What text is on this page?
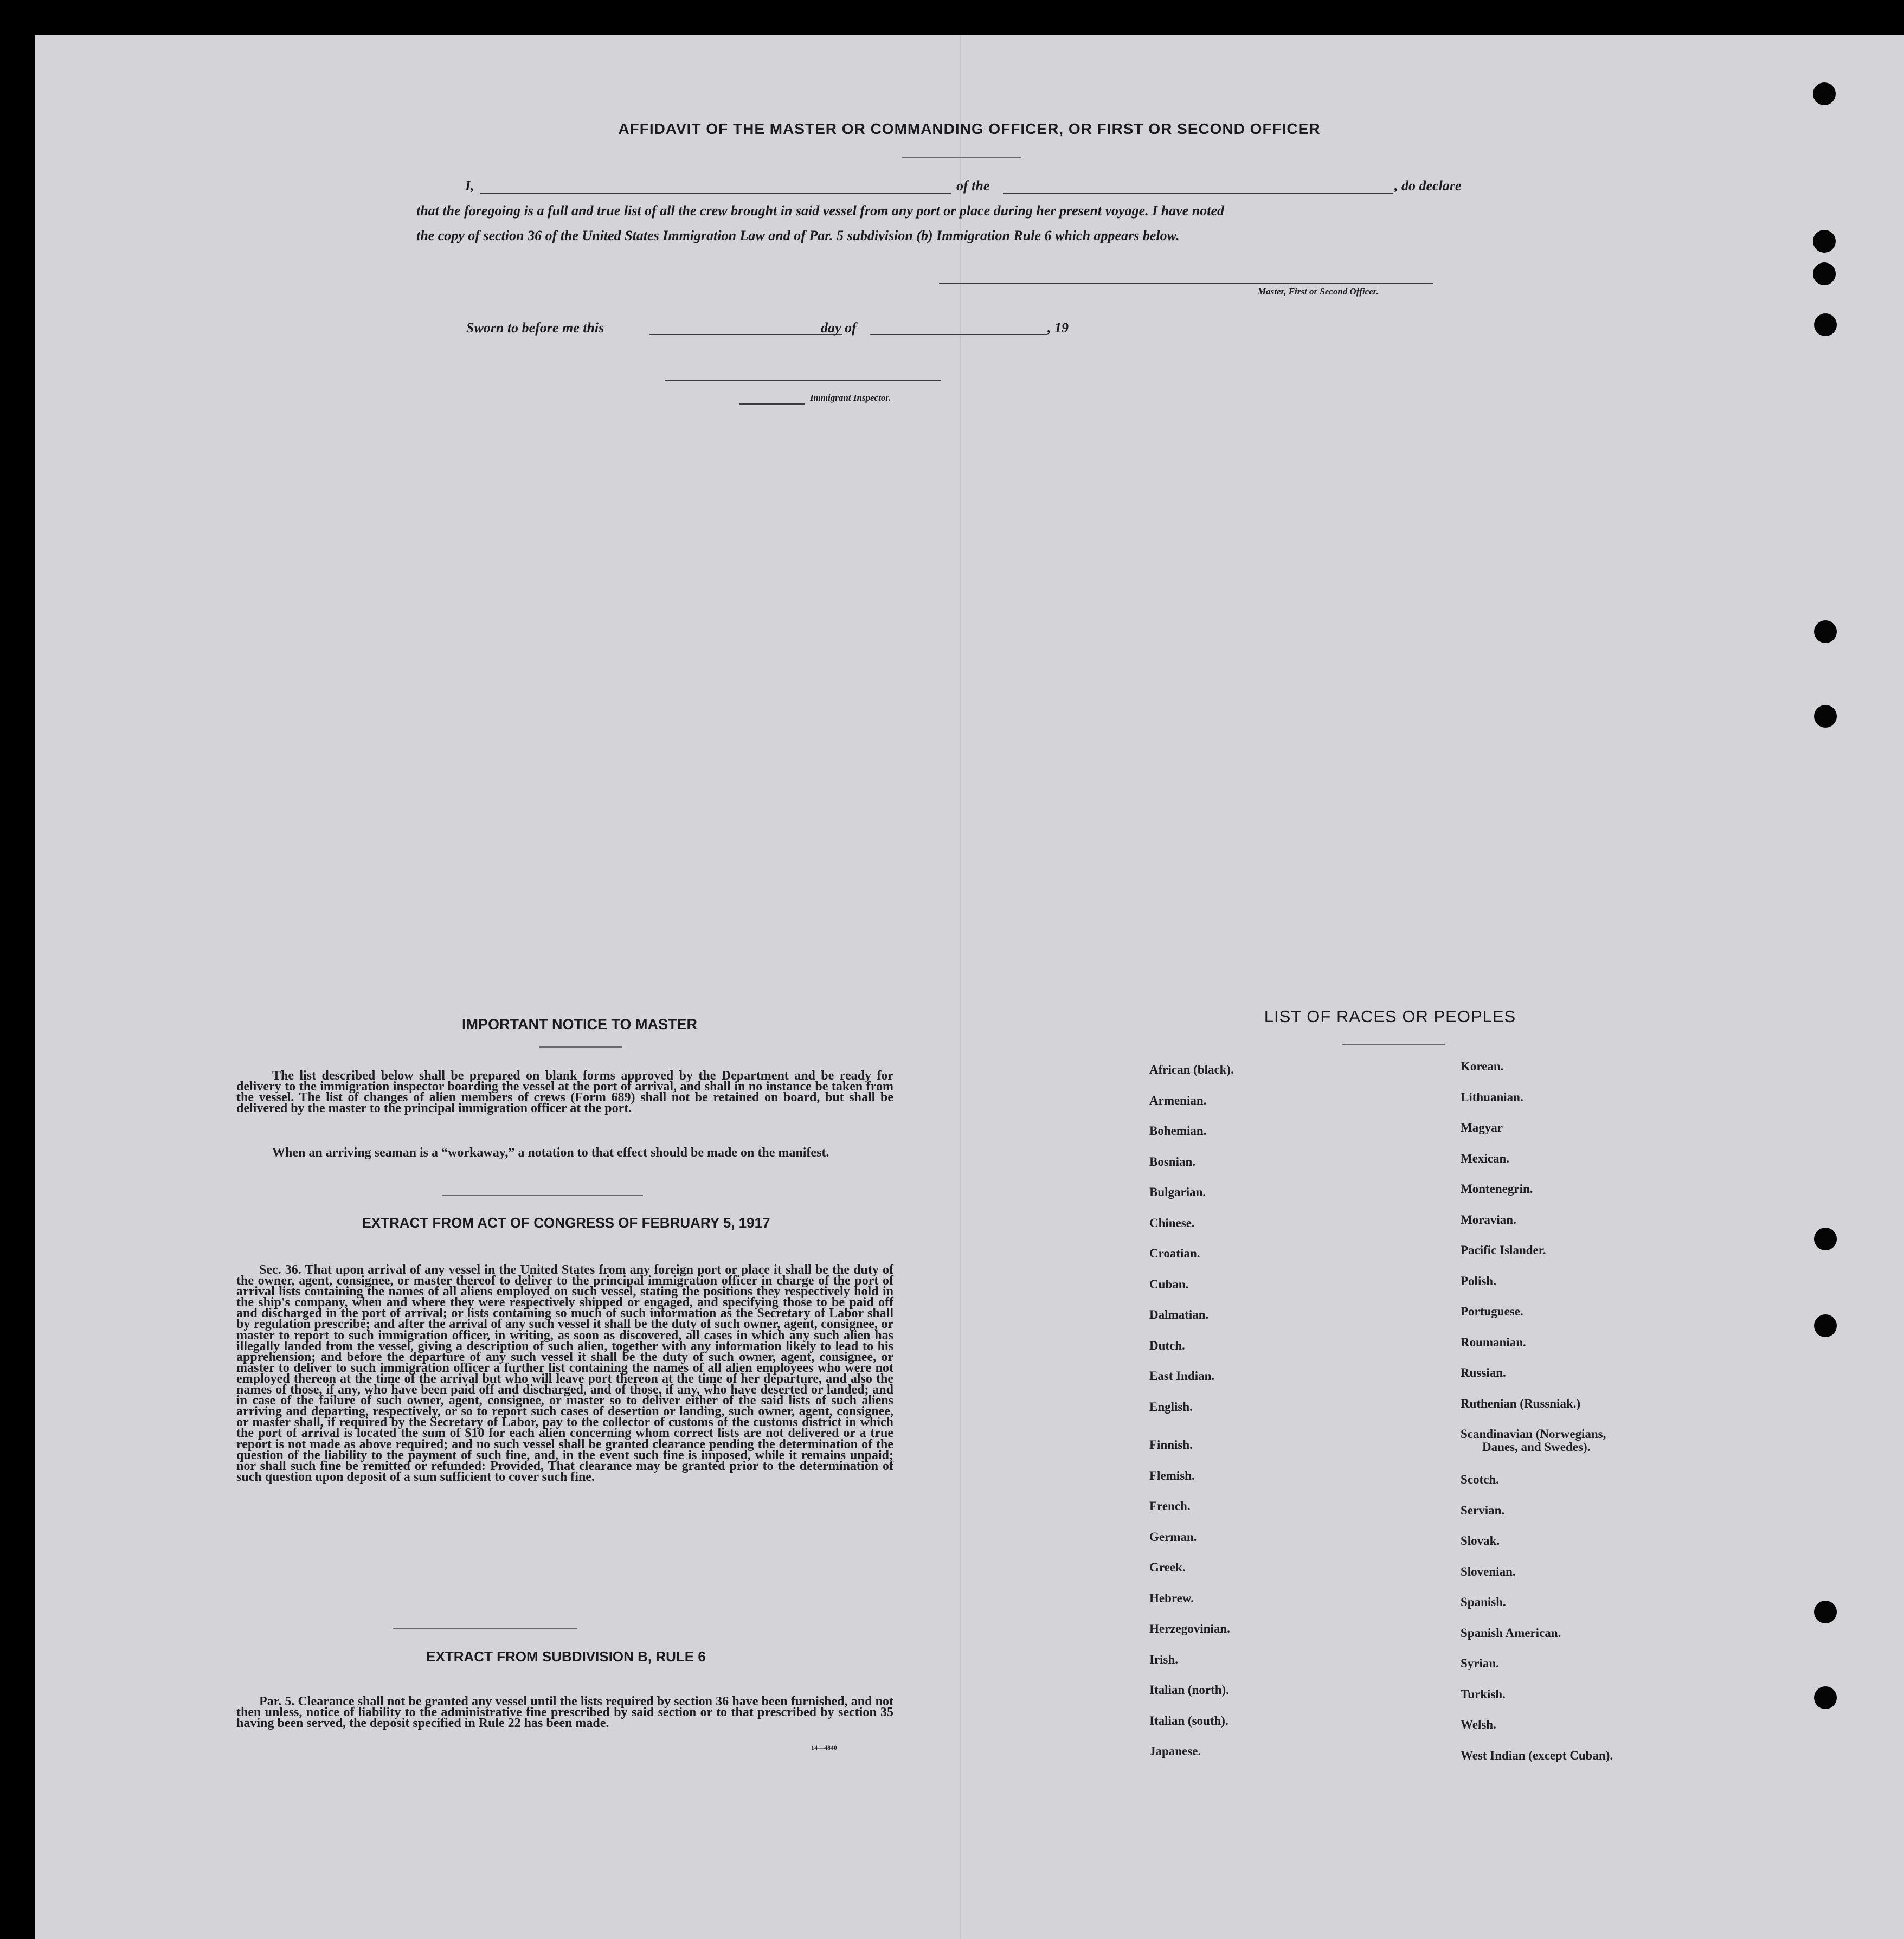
AFFIDAVIT OF THE MASTER OR COMMANDING OFFICER, OR FIRST OR SECOND OFFICER
I,	of the	, do declare
that the foregoing is a full and true list of all the crew brought in said vessel from any port or place during her present voyage. I have noted
the copy of section 36 of the United States Immigration Law and of Par. 5 subdivision (b) Immigration Rule 6 which appears below.
Master, First or Second Officer.
Sworn to before me this	day of	, 19
Immigrant Inspector.
IMPORTANT NOTICE TO MASTER
The list described below shall be prepared on blank forms approved by the Department and be ready for delivery to the immigration inspector boarding the vessel at the port of arrival, and shall in no instance be taken from the vessel. The list of changes of alien members of crews (Form 689) shall not be retained on board, but shall be delivered by the master to the principal immigration officer at the port.
When an arriving seaman is a “workaway,” a notation to that effect should be made on the manifest.
EXTRACT FROM ACT OF CONGRESS OF FEBRUARY 5, 1917
Sec. 36. That upon arrival of any vessel in the United States from any foreign port or place it shall be the duty of the owner, agent, consignee, or master thereof to deliver to the principal immigration officer in charge of the port of arrival lists containing the names of all aliens employed on such vessel, stating the positions they respectively hold in the ship's company, when and where they were respectively shipped or engaged, and specifying those to be paid off and discharged in the port of arrival; or lists containing so much of such information as the Secretary of Labor shall by regulation prescribe; and after the arrival of any such vessel it shall be the duty of such owner, agent, consignee, or master to report to such immigration officer, in writing, as soon as discovered, all cases in which any such alien has illegally landed from the vessel, giving a description of such alien, together with any information likely to lead to his apprehension; and before the departure of any such vessel it shall be the duty of such owner, agent, consignee, or master to deliver to such immigration officer a further list containing the names of all alien employees who were not employed thereon at the time of the arrival but who will leave port thereon at the time of her departure, and also the names of those, if any, who have been paid off and discharged, and of those, if any, who have deserted or landed; and in case of the failure of such owner, agent, consignee, or master so to deliver either of the said lists of such aliens arriving and departing, respectively, or so to report such cases of desertion or landing, such owner, agent, consignee, or master shall, if required by the Secretary of Labor, pay to the collector of customs of the customs district in which the port of arrival is located the sum of $10 for each alien concerning whom correct lists are not delivered or a true report is not made as above required; and no such vessel shall be granted clearance pending the determination of the question of the liability to the payment of such fine, and, in the event such fine is imposed, while it remains unpaid; nor shall such fine be remitted or refunded: Provided, That clearance may be granted prior to the determination of such question upon deposit of a sum sufficient to cover such fine.
EXTRACT FROM SUBDIVISION B, RULE 6
Par. 5. Clearance shall not be granted any vessel until the lists required by section 36 have been furnished, and not then unless, notice of liability to the administrative fine prescribed by said section or to that prescribed by section 35 having been served, the deposit specified in Rule 22 has been made.
14—4840
LIST OF RACES OR PEOPLES
African (black).
Armenian.
Bohemian.
Bosnian.
Bulgarian.
Chinese.
Croatian.
Cuban.
Dalmatian.
Dutch.
East Indian.
English.
Finnish.
Flemish.
French.
German.
Greek.
Hebrew.
Herzegovinian.
Irish.
Italian (north).
Italian (south).
Japanese.
Korean.
Lithuanian.
Magyar
Mexican.
Montenegrin.
Moravian.
Pacific Islander.
Polish.
Portuguese.
Roumanian.
Russian.
Ruthenian (Russniak.)
Scandinavian (Norwegians,
Danes, and Swedes).
Scotch.
Servian.
Slovak.
Slovenian.
Spanish.
Spanish American.
Syrian.
Turkish.
Welsh.
West Indian (except Cuban).
